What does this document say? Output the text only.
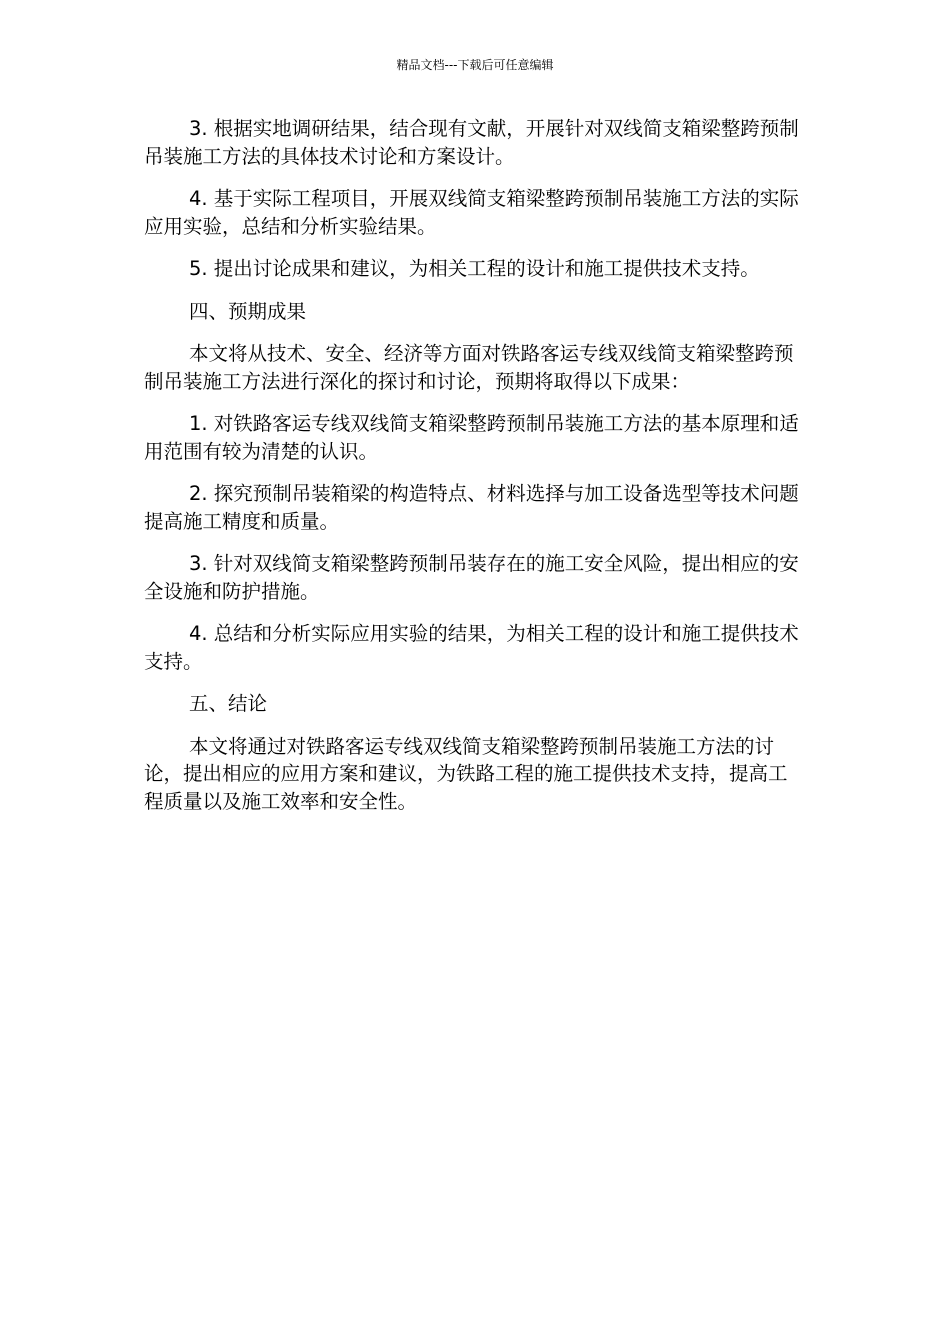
精品文档---下载后可任意编辑

3. 根据实地调研结果，结合现有文献，开展针对双线简支箱梁整跨预制吊装施工方法的具体技术讨论和方案设计。

4. 基于实际工程项目，开展双线简支箱梁整跨预制吊装施工方法的实际应用实验，总结和分析实验结果。

5. 提出讨论成果和建议，为相关工程的设计和施工提供技术支持。

四、预期成果

本文将从技术、安全、经济等方面对铁路客运专线双线简支箱梁整跨预制吊装施工方法进行深化的探讨和讨论，预期将取得以下成果：

1. 对铁路客运专线双线简支箱梁整跨预制吊装施工方法的基本原理和适用范围有较为清楚的认识。

2. 探究预制吊装箱梁的构造特点、材料选择与加工设备选型等技术问题提高施工精度和质量。

3. 针对双线简支箱梁整跨预制吊装存在的施工安全风险，提出相应的安全设施和防护措施。

4. 总结和分析实际应用实验的结果，为相关工程的设计和施工提供技术支持。

五、结论

本文将通过对铁路客运专线双线简支箱梁整跨预制吊装施工方法的讨论，提出相应的应用方案和建议，为铁路工程的施工提供技术支持，提高工程质量以及施工效率和安全性。
